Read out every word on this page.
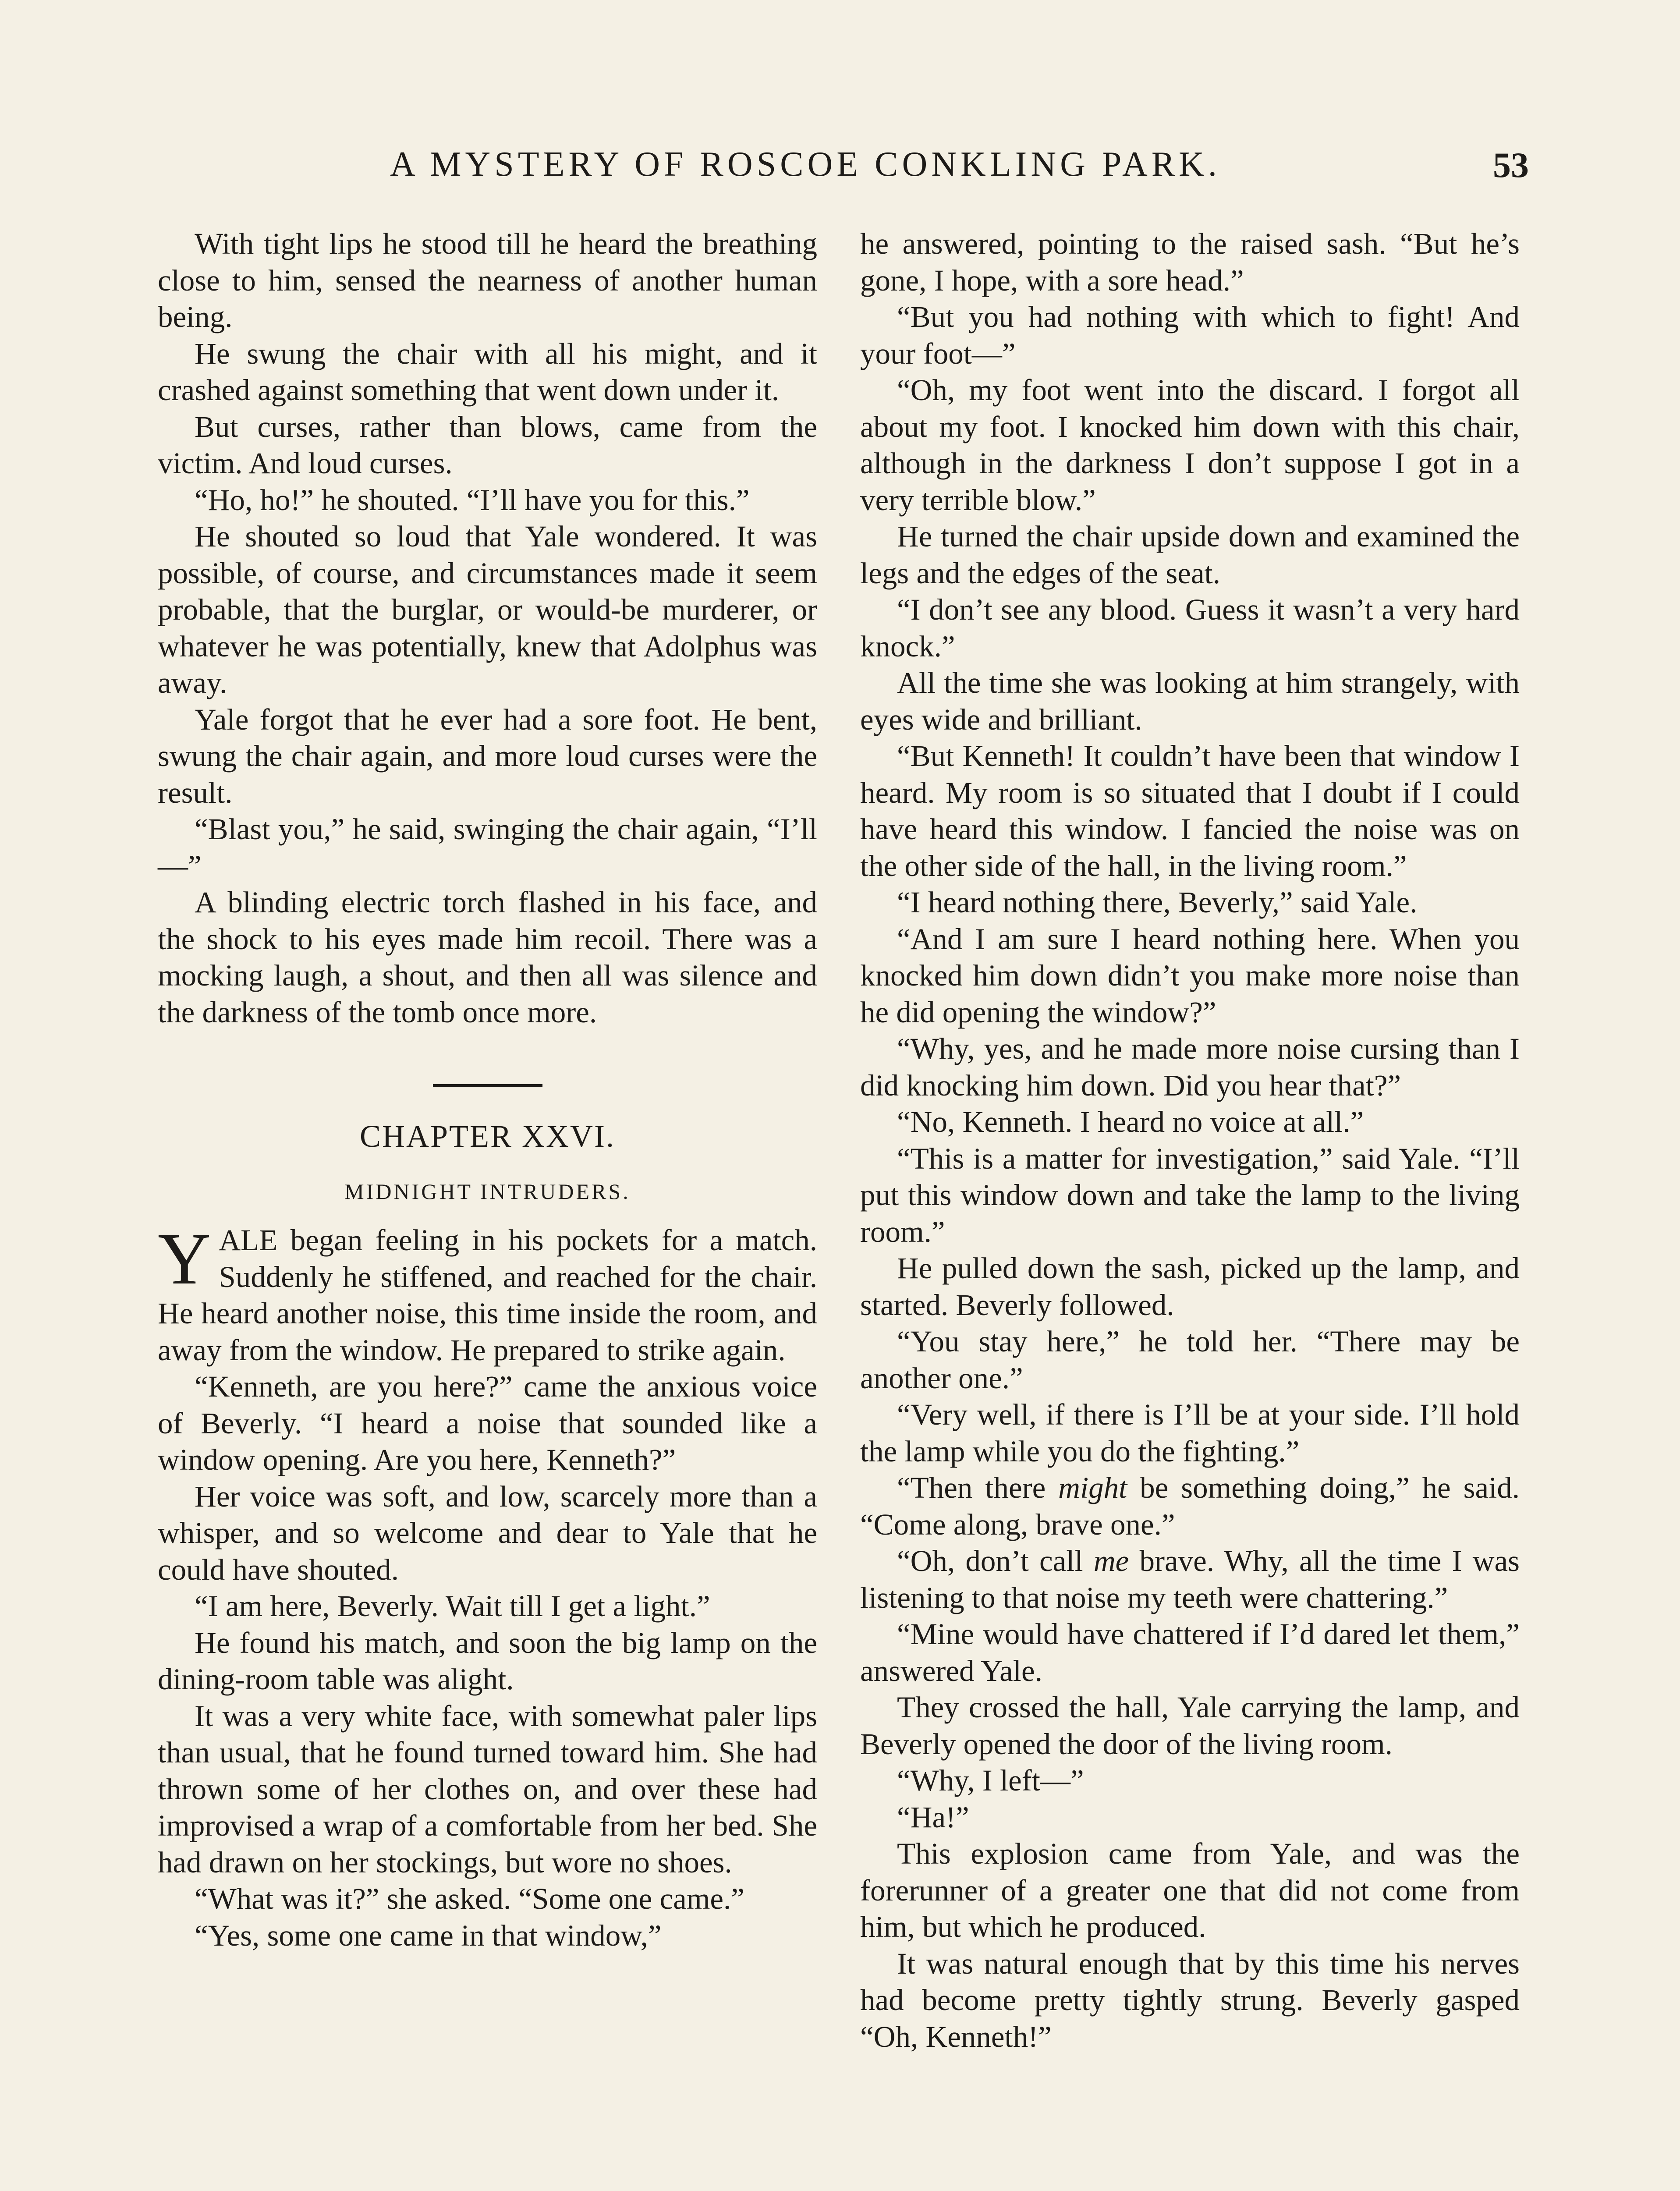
A MYSTERY OF ROSCOE CONKLING PARK.	53

With tight lips he stood till he heard the breathing close to him, sensed the nearness of another human being.

He swung the chair with all his might, and it crashed against something that went down under it.

But curses, rather than blows, came from the victim. And loud curses.

“Ho, ho!” he shouted. “I’ll have you for this.”

He shouted so loud that Yale wondered. It was possible, of course, and circumstances made it seem probable, that the burglar, or would-be murderer, or whatever he was potentially, knew that Adolphus was away.

Yale forgot that he ever had a sore foot. He bent, swung the chair again, and more loud curses were the result.

“Blast you,” he said, swinging the chair again, “I’ll—”

A blinding electric torch flashed in his face, and the shock to his eyes made him recoil. There was a mocking laugh, a shout, and then all was silence and the darkness of the tomb once more.

CHAPTER XXVI.
MIDNIGHT INTRUDERS.

YALE began feeling in his pockets for a match. Suddenly he stiffened, and reached for the chair. He heard another noise, this time inside the room, and away from the window. He prepared to strike again.

“Kenneth, are you here?” came the anxious voice of Beverly. “I heard a noise that sounded like a window opening. Are you here, Kenneth?”

Her voice was soft, and low, scarcely more than a whisper, and so welcome and dear to Yale that he could have shouted.

“I am here, Beverly. Wait till I get a light.”

He found his match, and soon the big lamp on the dining-room table was alight.

It was a very white face, with somewhat paler lips than usual, that he found turned toward him. She had thrown some of her clothes on, and over these had improvised a wrap of a comfortable from her bed. She had drawn on her stockings, but wore no shoes.

“What was it?” she asked. “Some one came.”

“Yes, some one came in that window,”

he answered, pointing to the raised sash. “But he’s gone, I hope, with a sore head.”

“But you had nothing with which to fight! And your foot—”

“Oh, my foot went into the discard. I forgot all about my foot. I knocked him down with this chair, although in the darkness I don’t suppose I got in a very terrible blow.”

He turned the chair upside down and examined the legs and the edges of the seat.

“I don’t see any blood. Guess it wasn’t a very hard knock.”

All the time she was looking at him strangely, with eyes wide and brilliant.

“But Kenneth! It couldn’t have been that window I heard. My room is so situated that I doubt if I could have heard this window. I fancied the noise was on the other side of the hall, in the living room.”

“I heard nothing there, Beverly,” said Yale.

“And I am sure I heard nothing here. When you knocked him down didn’t you make more noise than he did opening the window?”

“Why, yes, and he made more noise cursing than I did knocking him down. Did you hear that?”

“No, Kenneth. I heard no voice at all.”

“This is a matter for investigation,” said Yale. “I’ll put this window down and take the lamp to the living room.”

He pulled down the sash, picked up the lamp, and started. Beverly followed.

“You stay here,” he told her. “There may be another one.”

“Very well, if there is I’ll be at your side. I’ll hold the lamp while you do the fighting.”

“Then there might be something doing,” he said. “Come along, brave one.”

“Oh, don’t call me brave. Why, all the time I was listening to that noise my teeth were chattering.”

“Mine would have chattered if I’d dared let them,” answered Yale.

They crossed the hall, Yale carrying the lamp, and Beverly opened the door of the living room.

“Why, I left—”

“Ha!”

This explosion came from Yale, and was the forerunner of a greater one that did not come from him, but which he produced.

It was natural enough that by this time his nerves had become pretty tightly strung. Beverly gasped “Oh, Kenneth!”
